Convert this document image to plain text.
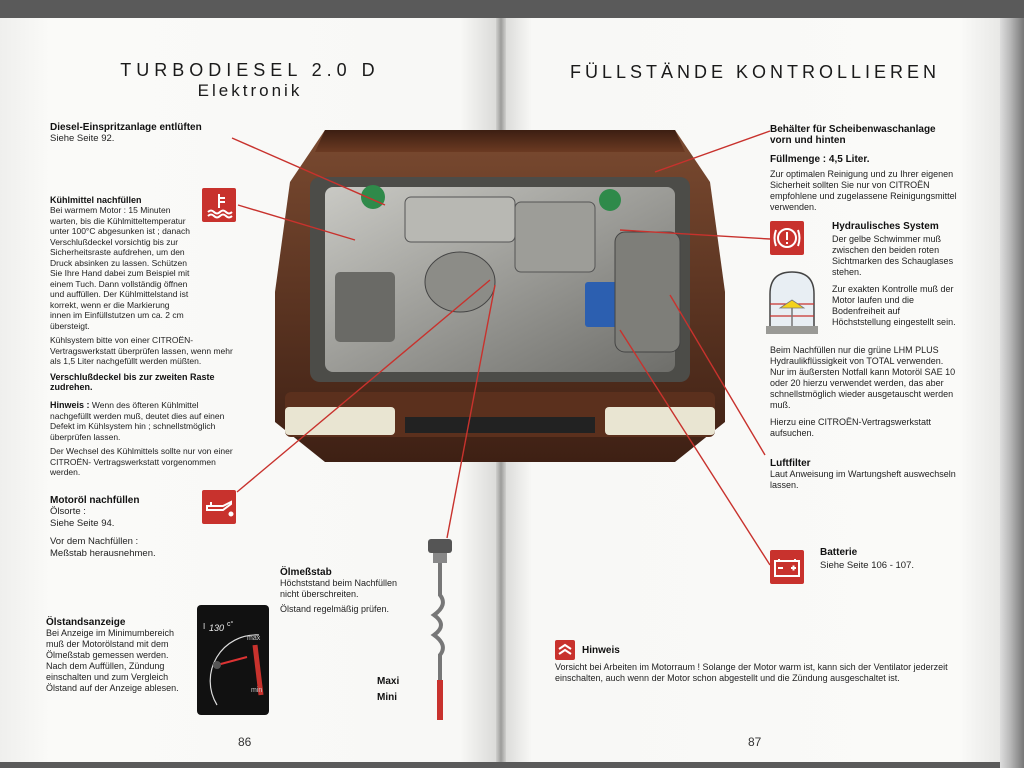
TURBODIESEL 2.0 D
Elektronik
Diesel-Einspritzanlage entlüften
Siehe Seite 92.
Kühlmittel nachfüllen
Bei warmem Motor : 15 Minuten warten, bis die Kühlmitteltemperatur unter 100°C abgesunken ist ; danach Verschlußdeckel vorsichtig bis zur Sicherheitsraste aufdrehen, um den Druck absinken zu lassen. Schützen Sie Ihre Hand dabei zum Beispiel mit einem Tuch. Dann vollständig öffnen und auffüllen. Der Kühlmittelstand ist korrekt, wenn er die Markierung innen im Einfüllstutzen um ca. 2 cm übersteigt.
Kühlsystem bitte von einer CITROËN-Vertragswerkstatt überprüfen lassen, wenn mehr als 1,5 Liter nachgefüllt werden müßten.
Verschlußdeckel bis zur zweiten Raste zudrehen.
Hinweis : Wenn des öfteren Kühlmittel nachgefüllt werden muß, deutet dies auf einen Defekt im Kühlsystem hin ; schnellstmöglich überprüfen lassen.
Der Wechsel des Kühlmittels sollte nur von einer CITROËN- Vertragswerkstatt vorgenommen werden.
Motoröl nachfüllen
Ölsorte :
Siehe Seite 94.
Vor dem Nachfüllen :
Meßstab herausnehmen.
Ölstandsanzeige
Bei Anzeige im Minimumbereich muß der Motorölstand mit dem Ölmeßstab gemessen werden. Nach dem Auffüllen, Zündung einschalten und zum Vergleich Ölstand auf der Anzeige ablesen.
I 130 c°
max
min
Ölmeßstab
Höchststand beim Nachfüllen nicht überschreiten.
Ölstand regelmäßig prüfen.
Maxi
Mini
86
FÜLLSTÄNDE KONTROLLIEREN
Behälter für Scheibenwaschanlage vorn und hinten
Füllmenge : 4,5 Liter.
Zur optimalen Reinigung und zu Ihrer eigenen Sicherheit sollten Sie nur von CITROËN empfohlene und zugelassene Reinigungsmittel verwenden.
Hydraulisches System
Der gelbe Schwimmer muß zwischen den beiden roten Sichtmarken des Schauglases stehen.
Zur exakten Kontrolle muß der Motor laufen und die Bodenfreiheit auf Höchststellung eingestellt sein.
Beim Nachfüllen nur die grüne LHM PLUS Hydraulikflüssigkeit von TOTAL verwenden. Nur im äußersten Notfall kann Motoröl SAE 10 oder 20 hierzu verwendet werden, das aber schnellstmöglich wieder ausgetauscht werden muß.
Hierzu eine CITROËN-Vertragswerkstatt aufsuchen.
Luftfilter
Laut Anweisung im Wartungsheft auswechseln lassen.
Batterie
Siehe Seite 106 - 107.
Hinweis
Vorsicht bei Arbeiten im Motorraum ! Solange der Motor warm ist, kann sich der Ventilator jederzeit einschalten, auch wenn der Motor schon abgestellt und die Zündung ausgeschaltet ist.
87
